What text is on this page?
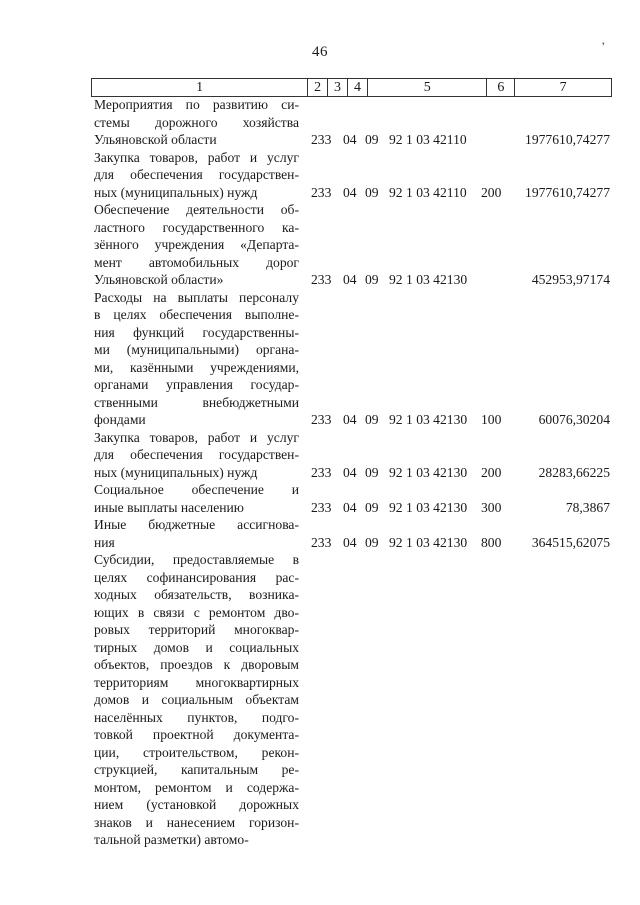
46	❜
1	2 3 4	5	6	7
Мероприятия по развитию си-
стемы дорожного хозяйства
Ульяновской области	233 04 09 92 1 03 42110	1977610,74277
Закупка товаров, работ и услуг
для обеспечения государствен-
ных (муниципальных) нужд	233 04 09 92 1 03 42110 200 1977610,74277
Обеспечение деятельности об-
ластного государственного ка-
зённого учреждения «Департа-
мент автомобильных дорог
Ульяновской области»	233 04 09 92 1 03 42130	452953,97174
Расходы на выплаты персоналу
в целях обеспечения выполне-
ния функций государственны-
ми (муниципальными) органа-
ми, казёнными учреждениями,
органами управления государ-
ственными внебюджетными
фондами	233 04 09 92 1 03 42130 100	60076,30204
Закупка товаров, работ и услуг
для обеспечения государствен-
ных (муниципальных) нужд	233 04 09 92 1 03 42130 200	28283,66225
Социальное обеспечение и
иные выплаты населению	233 04 09 92 1 03 42130 300	78,3867
Иные бюджетные ассигнова-
ния	233 04 09 92 1 03 42130 800 364515,62075
Субсидии, предоставляемые в
целях софинансирования рас-
ходных обязательств, возника-
ющих в связи с ремонтом дво-
ровых территорий многоквар-
тирных домов и социальных
объектов, проездов к дворовым
территориям многоквартирных
домов и социальным объектам
населённых пунктов, подго-
товкой проектной документа-
ции, строительством, рекон-
струкцией, капитальным ре-
монтом, ремонтом и содержа-
нием (установкой дорожных
знаков и нанесением горизон-
тальной разметки) автомо-
